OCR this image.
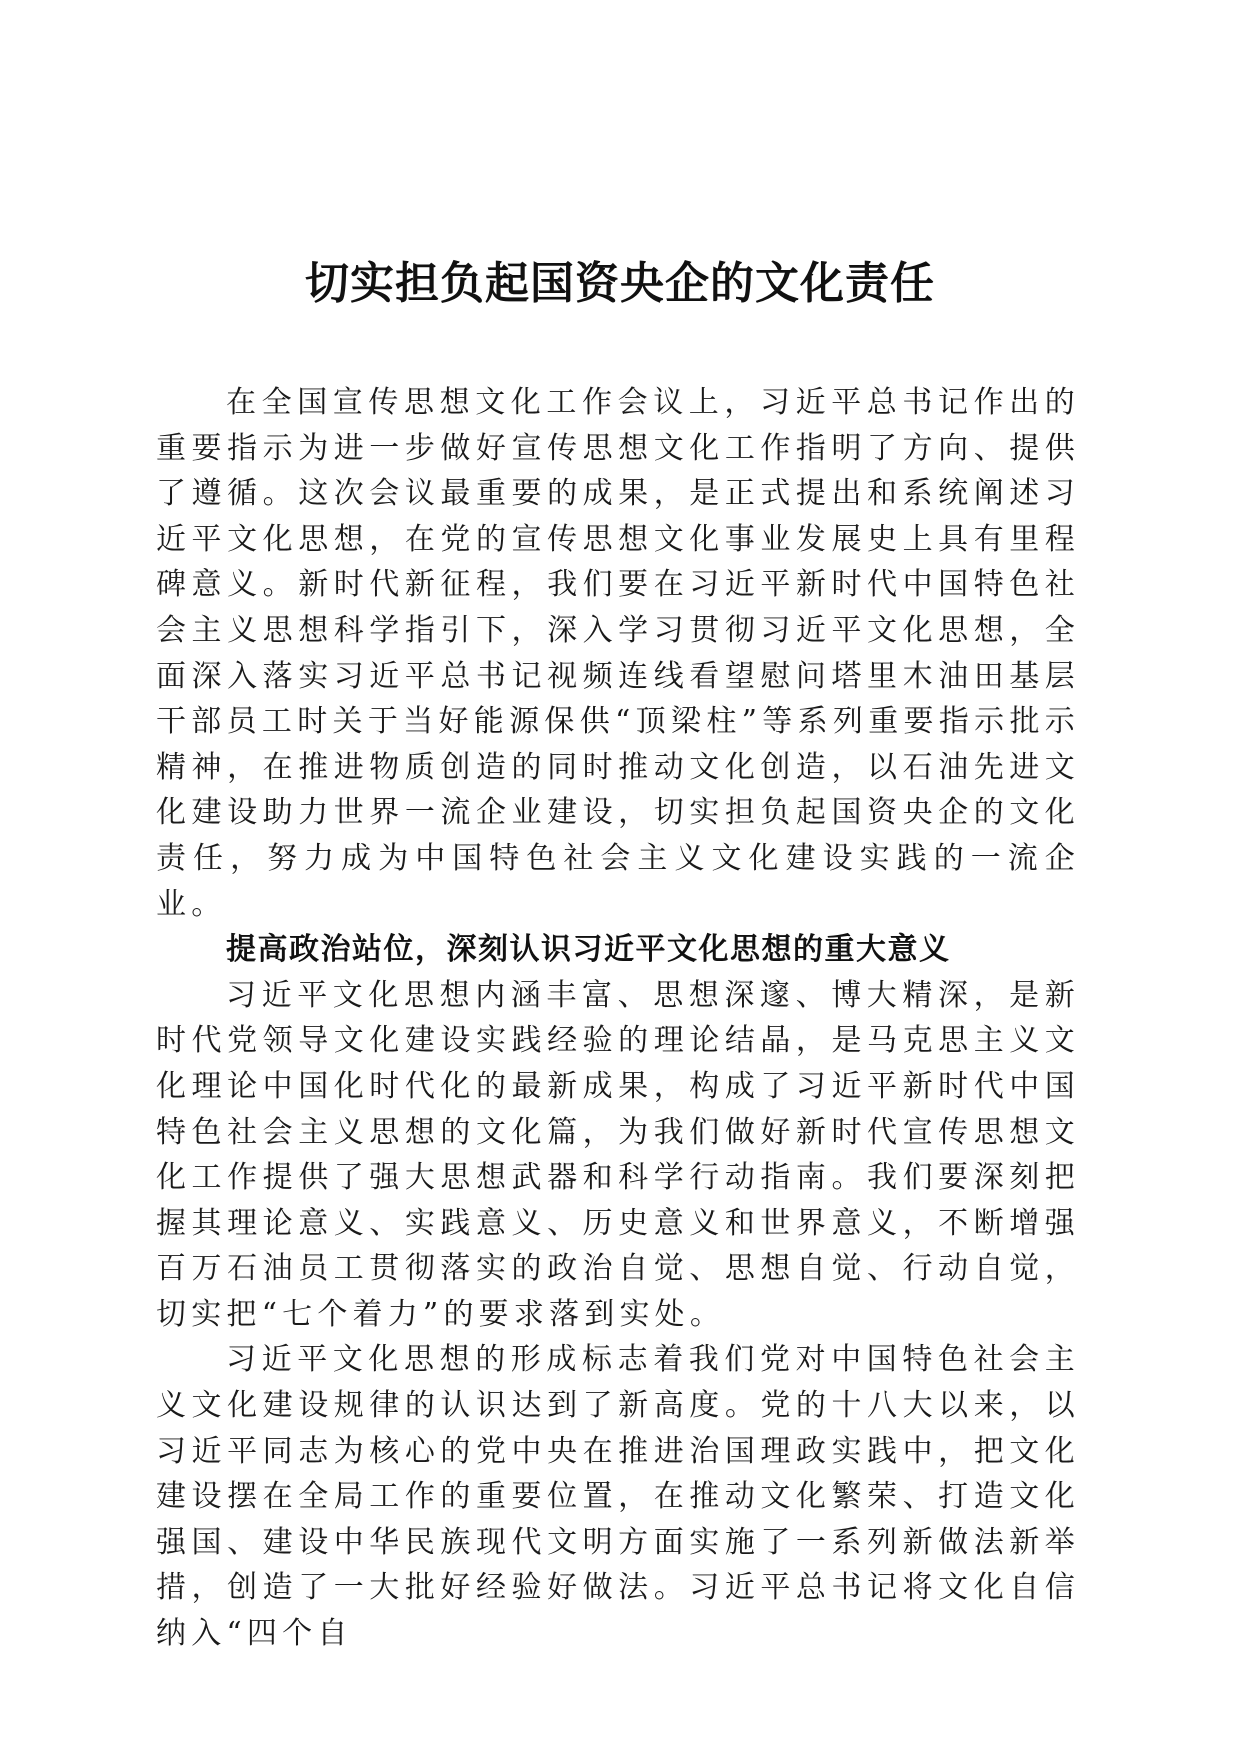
切实担负起国资央企的文化责任

在全国宣传思想文化工作会议上，习近平总书记作出的重要指示为进一步做好宣传思想文化工作指明了方向、提供了遵循。这次会议最重要的成果，是正式提出和系统阐述习近平文化思想，在党的宣传思想文化事业发展史上具有里程碑意义。新时代新征程，我们要在习近平新时代中国特色社会主义思想科学指引下，深入学习贯彻习近平文化思想，全面深入落实习近平总书记视频连线看望慰问塔里木油田基层干部员工时关于当好能源保供“顶梁柱”等系列重要指示批示精神，在推进物质创造的同时推动文化创造，以石油先进文化建设助力世界一流企业建设，切实担负起国资央企的文化责任，努力成为中国特色社会主义文化建设实践的一流企业。

提高政治站位，深刻认识习近平文化思想的重大意义

习近平文化思想内涵丰富、思想深邃、博大精深，是新时代党领导文化建设实践经验的理论结晶，是马克思主义文化理论中国化时代化的最新成果，构成了习近平新时代中国特色社会主义思想的文化篇，为我们做好新时代宣传思想文化工作提供了强大思想武器和科学行动指南。我们要深刻把握其理论意义、实践意义、历史意义和世界意义，不断增强百万石油员工贯彻落实的政治自觉、思想自觉、行动自觉，切实把“七个着力”的要求落到实处。

习近平文化思想的形成标志着我们党对中国特色社会主义文化建设规律的认识达到了新高度。党的十八大以来，以习近平同志为核心的党中央在推进治国理政实践中，把文化建设摆在全局工作的重要位置，在推动文化繁荣、打造文化强国、建设中华民族现代文明方面实施了一系列新做法新举措，创造了一大批好经验好做法。习近平总书记将文化自信纳入“四个自
